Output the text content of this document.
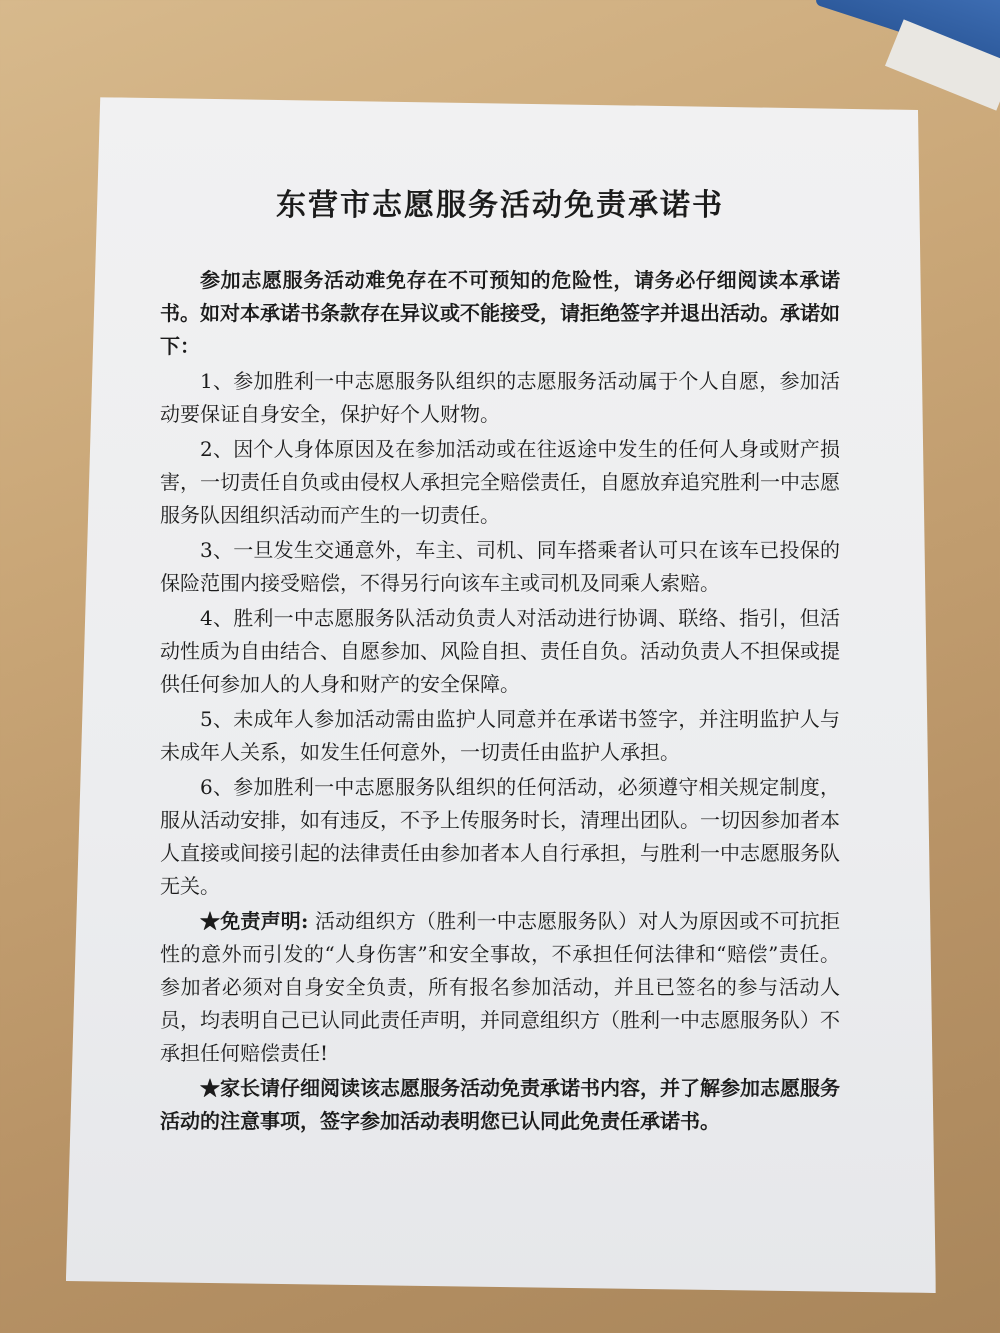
东营市志愿服务活动免责承诺书

参加志愿服务活动难免存在不可预知的危险性，请务必仔细阅读本承诺书。如对本承诺书条款存在异议或不能接受，请拒绝签字并退出活动。承诺如下：

1、参加胜利一中志愿服务队组织的志愿服务活动属于个人自愿，参加活动要保证自身安全，保护好个人财物。

2、因个人身体原因及在参加活动或在往返途中发生的任何人身或财产损害，一切责任自负或由侵权人承担完全赔偿责任，自愿放弃追究胜利一中志愿服务队因组织活动而产生的一切责任。

3、一旦发生交通意外，车主、司机、同车搭乘者认可只在该车已投保的保险范围内接受赔偿，不得另行向该车主或司机及同乘人索赔。

4、胜利一中志愿服务队活动负责人对活动进行协调、联络、指引，但活动性质为自由结合、自愿参加、风险自担、责任自负。活动负责人不担保或提供任何参加人的人身和财产的安全保障。

5、未成年人参加活动需由监护人同意并在承诺书签字，并注明监护人与未成年人关系，如发生任何意外，一切责任由监护人承担。

6、参加胜利一中志愿服务队组织的任何活动，必须遵守相关规定制度，服从活动安排，如有违反，不予上传服务时长，清理出团队。一切因参加者本人直接或间接引起的法律责任由参加者本人自行承担，与胜利一中志愿服务队无关。

★免责声明: 活动组织方（胜利一中志愿服务队）对人为原因或不可抗拒性的意外而引发的“人身伤害”和安全事故，不承担任何法律和“赔偿”责任。参加者必须对自身安全负责，所有报名参加活动，并且已签名的参与活动人员，均表明自己已认同此责任声明，并同意组织方（胜利一中志愿服务队）不承担任何赔偿责任!

★家长请仔细阅读该志愿服务活动免责承诺书内容，并了解参加志愿服务活动的注意事项，签字参加活动表明您已认同此免责任承诺书。
